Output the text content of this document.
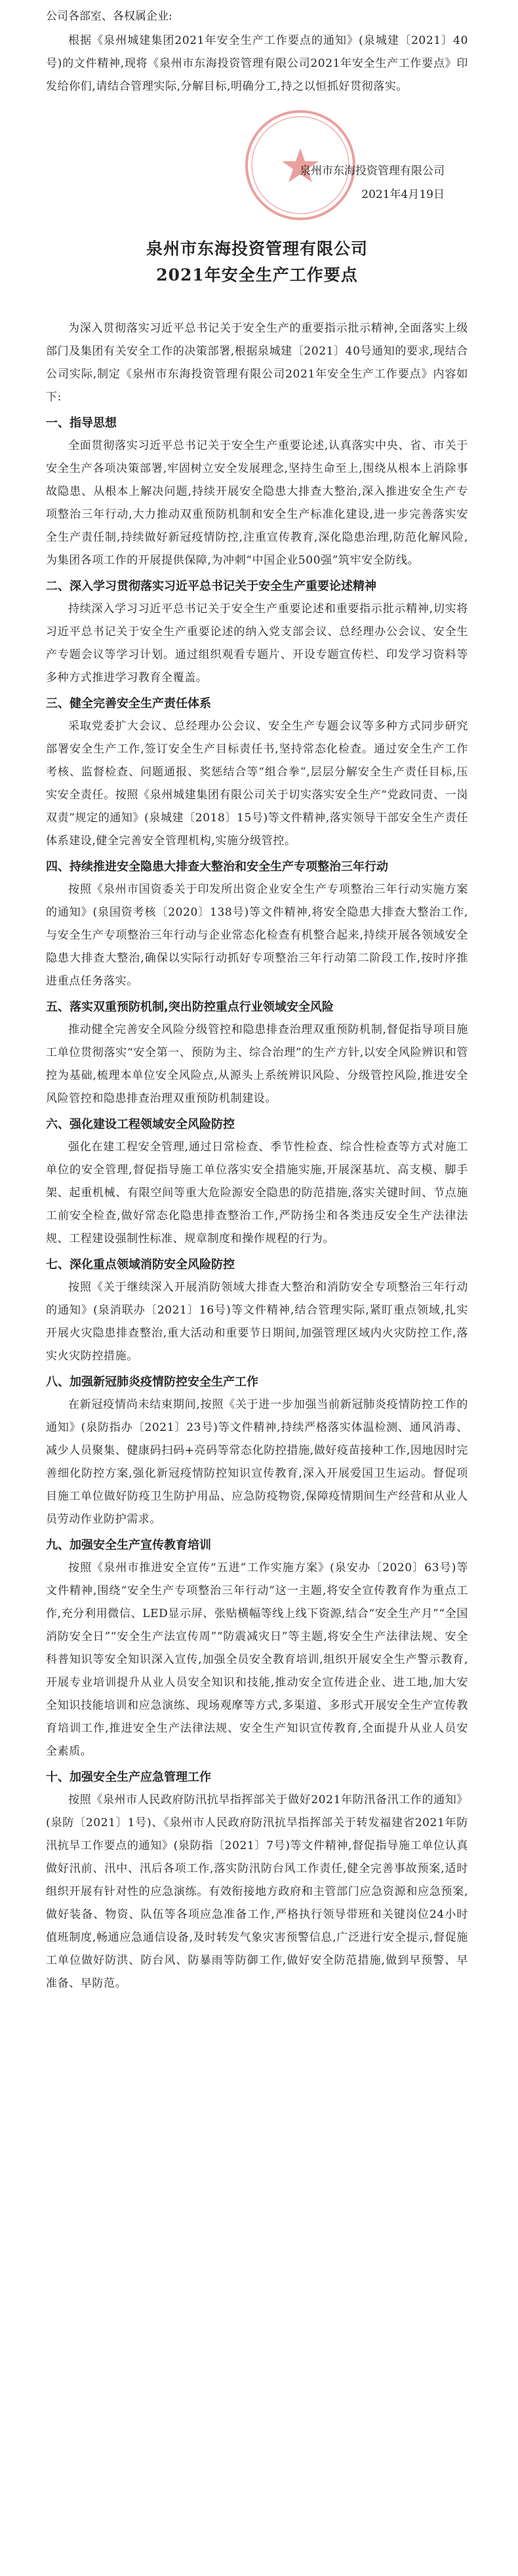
公司各部室、各权属企业:

根据《泉州城建集团2021年安全生产工作要点的通知》(泉城建〔2021〕40号)的文件精神,现将《泉州市东海投资管理有限公司2021年安全生产工作要点》印发给你们,请结合管理实际,分解目标,明确分工,持之以恒抓好贯彻落实。

泉州市东海投资管理有限公司

2021年4月19日

泉州市东海投资管理有限公司

2021年安全生产工作要点

为深入贯彻落实习近平总书记关于安全生产的重要指示批示精神,全面落实上级部门及集团有关安全工作的决策部署,根据泉城建〔2021〕40号通知的要求,现结合公司实际,制定《泉州市东海投资管理有限公司2021年安全生产工作要点》内容如下:

一、指导思想

全面贯彻落实习近平总书记关于安全生产重要论述,认真落实中央、省、市关于安全生产各项决策部署,牢固树立安全发展理念,坚持生命至上,围绕从根本上消除事故隐患、从根本上解决问题,持续开展安全隐患大排查大整治,深入推进安全生产专项整治三年行动,大力推动双重预防机制和安全生产标准化建设,进一步完善落实安全生产责任制,持续做好新冠疫情防控,注重宣传教育,深化隐患治理,防范化解风险,为集团各项工作的开展提供保障,为冲刺“中国企业500强”筑牢安全防线。

二、深入学习贯彻落实习近平总书记关于安全生产重要论述精神

持续深入学习习近平总书记关于安全生产重要论述和重要指示批示精神,切实将习近平总书记关于安全生产重要论述的纳入党支部会议、总经理办公会议、安全生产专题会议等学习计划。通过组织观看专题片、开设专题宣传栏、印发学习资料等多种方式推进学习教育全覆盖。

三、健全完善安全生产责任体系

采取党委扩大会议、总经理办公会议、安全生产专题会议等多种方式同步研究部署安全生产工作,签订安全生产目标责任书,坚持常态化检查。通过安全生产工作考核、监督检查、问题通报、奖惩结合等“组合拳”,层层分解安全生产责任目标,压实安全责任。按照《泉州城建集团有限公司关于切实落实安全生产“党政同责、一岗双责”规定的通知》(泉城建〔2018〕15号)等文件精神,落实领导干部安全生产责任体系建设,健全完善安全管理机构,实施分级管控。

四、持续推进安全隐患大排查大整治和安全生产专项整治三年行动

按照《泉州市国资委关于印发所出资企业安全生产专项整治三年行动实施方案的通知》(泉国资考核〔2020〕138号)等文件精神,将安全隐患大排查大整治工作,与安全生产专项整治三年行动与企业常态化检查有机整合起来,持续开展各领域安全隐患大排查大整治,确保以实际行动抓好专项整治三年行动第二阶段工作,按时序推进重点任务落实。

五、落实双重预防机制,突出防控重点行业领域安全风险

推动健全完善安全风险分级管控和隐患排查治理双重预防机制,督促指导项目施工单位贯彻落实“安全第一、预防为主、综合治理”的生产方针,以安全风险辨识和管控为基础,梳理本单位安全风险点,从源头上系统辨识风险、分级管控风险,推进安全风险管控和隐患排查治理双重预防机制建设。

六、强化建设工程领域安全风险防控

强化在建工程安全管理,通过日常检查、季节性检查、综合性检查等方式对施工单位的安全管理,督促指导施工单位落实安全措施实施,开展深基坑、高支模、脚手架、起重机械、有限空间等重大危险源安全隐患的防范措施,落实关键时间、节点施工前安全检查,做好常态化隐患排查整治工作,严防扬尘和各类违反安全生产法律法规、工程建设强制性标准、规章制度和操作规程的行为。

七、深化重点领域消防安全风险防控

按照《关于继续深入开展消防领域大排查大整治和消防安全专项整治三年行动的通知》(泉消联办〔2021〕16号)等文件精神,结合管理实际,紧盯重点领域,扎实开展火灾隐患排查整治,重大活动和重要节日期间,加强管理区域内火灾防控工作,落实火灾防控措施。

八、加强新冠肺炎疫情防控安全生产工作

在新冠疫情尚未结束期间,按照《关于进一步加强当前新冠肺炎疫情防控工作的通知》(泉防指办〔2021〕23号)等文件精神,持续严格落实体温检测、通风消毒、减少人员聚集、健康码扫码+亮码等常态化防控措施,做好疫苗接种工作,因地因时完善细化防控方案,强化新冠疫情防控知识宣传教育,深入开展爱国卫生运动。督促项目施工单位做好防疫卫生防护用品、应急防疫物资,保障疫情期间生产经营和从业人员劳动作业防护需求。

九、加强安全生产宣传教育培训

按照《泉州市推进安全宣传“五进”工作实施方案》(泉安办〔2020〕63号)等文件精神,围绕“安全生产专项整治三年行动”这一主题,将安全宣传教育作为重点工作,充分利用微信、LED显示屏、张贴横幅等线上线下资源,结合“安全生产月”“全国消防安全日”“安全生产法宣传周”“防震减灾日”等主题,将安全生产法律法规、安全科普知识等安全知识深入宣传,加强全员安全教育培训,组织开展安全生产警示教育,开展专业培训提升从业人员安全知识和技能,推动安全宣传进企业、进工地,加大安全知识技能培训和应急演练、现场观摩等方式,多渠道、多形式开展安全生产宣传教育培训工作,推进安全生产法律法规、安全生产知识宣传教育,全面提升从业人员安全素质。

十、加强安全生产应急管理工作

按照《泉州市人民政府防汛抗旱指挥部关于做好2021年防汛备汛工作的通知》(泉防〔2021〕1号)、《泉州市人民政府防汛抗旱指挥部关于转发福建省2021年防汛抗旱工作要点的通知》(泉防指〔2021〕7号)等文件精神,督促指导施工单位认真做好汛前、汛中、汛后各项工作,落实防汛防台风工作责任,健全完善事故预案,适时组织开展有针对性的应急演练。有效衔接地方政府和主管部门应急资源和应急预案,做好装备、物资、队伍等各项应急准备工作,严格执行领导带班和关键岗位24小时值班制度,畅通应急通信设备,及时转发气象灾害预警信息,广泛进行安全提示,督促施工单位做好防洪、防台风、防暴雨等防御工作,做好安全防范措施,做到早预警、早准备、早防范。
